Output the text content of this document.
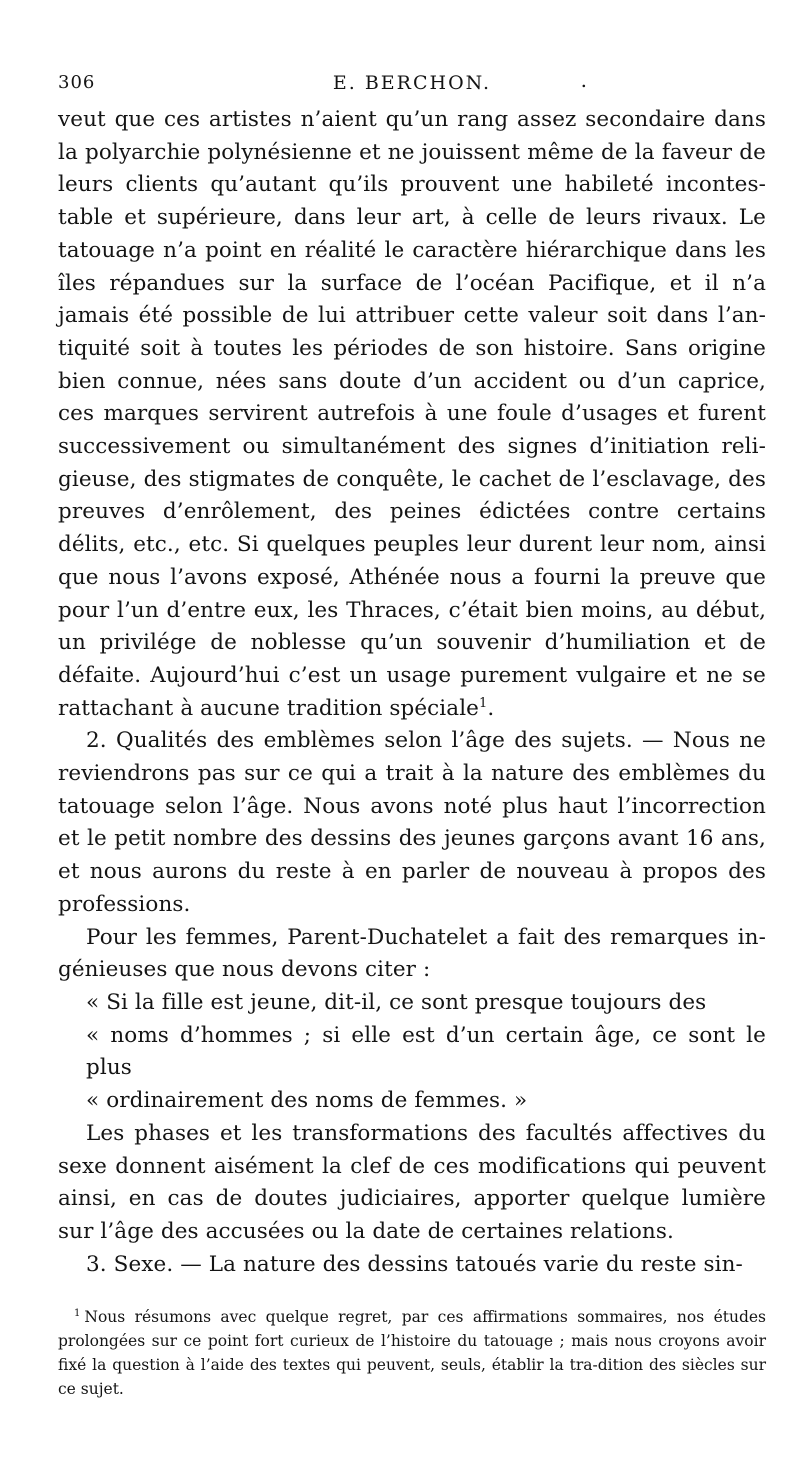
306	E. BERCHON.	.

veut que ces artistes n’aient qu’un rang assez secondaire dans la polyarchie polynésienne et ne jouissent même de la faveur de leurs clients qu’autant qu’ils prouvent une habileté incontes-table et supérieure, dans leur art, à celle de leurs rivaux. Le tatouage n’a point en réalité le caractère hiérarchique dans les îles répandues sur la surface de l’océan Pacifique, et il n’a jamais été possible de lui attribuer cette valeur soit dans l’an-tiquité soit à toutes les périodes de son histoire. Sans origine bien connue, nées sans doute d’un accident ou d’un caprice, ces marques servirent autrefois à une foule d’usages et furent successivement ou simultanément des signes d’initiation reli-gieuse, des stigmates de conquête, le cachet de l’esclavage, des preuves d’enrôlement, des peines édictées contre certains délits, etc., etc. Si quelques peuples leur durent leur nom, ainsi que nous l’avons exposé, Athénée nous a fourni la preuve que pour l’un d’entre eux, les Thraces, c’était bien moins, au début, un privilége de noblesse qu’un souvenir d’humiliation et de défaite. Aujourd’hui c’est un usage purement vulgaire et ne se rattachant à aucune tradition spéciale$^1$.

2. Qualités des emblèmes selon l’âge des sujets. — Nous ne reviendrons pas sur ce qui a trait à la nature des emblèmes du tatouage selon l’âge. Nous avons noté plus haut l’incorrection et le petit nombre des dessins des jeunes garçons avant 16 ans, et nous aurons du reste à en parler de nouveau à propos des professions.

Pour les femmes, Parent-Duchatelet a fait des remarques in-génieuses que nous devons citer :

« Si la fille est jeune, dit-il, ce sont presque toujours des

« noms d’hommes ; si elle est d’un certain âge, ce sont le plus

« ordinairement des noms de femmes. »

Les phases et les transformations des facultés affectives du sexe donnent aisément la clef de ces modifications qui peuvent ainsi, en cas de doutes judiciaires, apporter quelque lumière sur l’âge des accusées ou la date de certaines relations.

3. Sexe. — La nature des dessins tatoués varie du reste sin-

$^1$ Nous résumons avec quelque regret, par ces affirmations sommaires, nos études prolongées sur ce point fort curieux de l’histoire du tatouage ; mais nous croyons avoir fixé la question à l’aide des textes qui peuvent, seuls, établir la tra-dition des siècles sur ce sujet.
